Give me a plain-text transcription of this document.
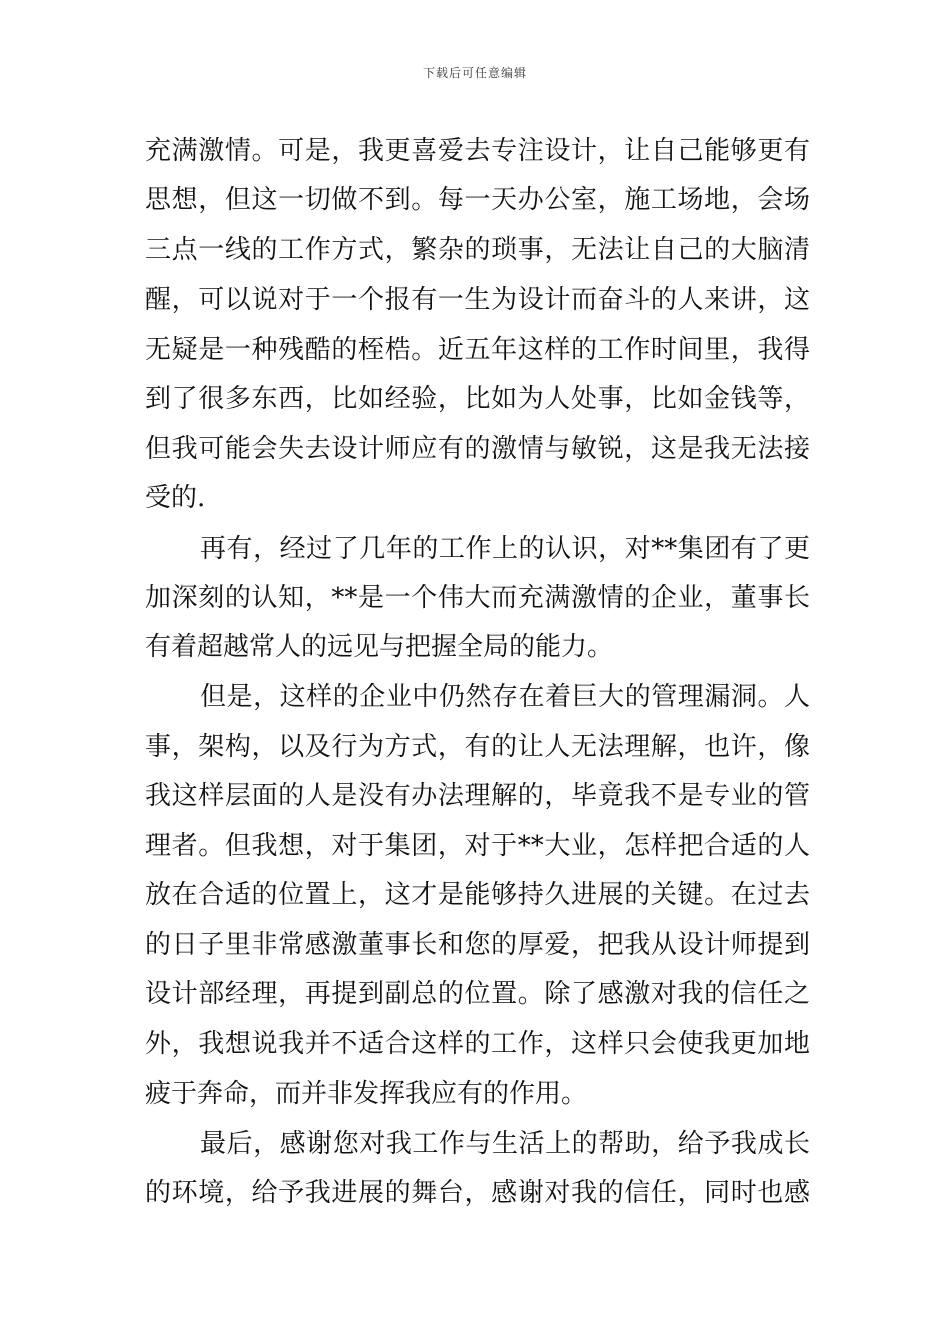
下载后可任意编辑
充满激情。可是，我更喜爱去专注设计，让自己能够更有
思想，但这一切做不到。每一天办公室，施工场地，会场
三点一线的工作方式，繁杂的琐事，无法让自己的大脑清
醒，可以说对于一个报有一生为设计而奋斗的人来讲，这
无疑是一种残酷的桎梏。近五年这样的工作时间里，我得
到了很多东西，比如经验，比如为人处事，比如金钱等，
但我可能会失去设计师应有的激情与敏锐，这是我无法接
受的.
再有，经过了几年的工作上的认识，对**集团有了更
加深刻的认知，**是一个伟大而充满激情的企业，董事长
有着超越常人的远见与把握全局的能力。
但是，这样的企业中仍然存在着巨大的管理漏洞。人
事，架构，以及行为方式，有的让人无法理解，也许，像
我这样层面的人是没有办法理解的，毕竟我不是专业的管
理者。但我想，对于集团，对于**大业，怎样把合适的人
放在合适的位置上，这才是能够持久进展的关键。在过去
的日子里非常感激董事长和您的厚爱，把我从设计师提到
设计部经理，再提到副总的位置。除了感激对我的信任之
外，我想说我并不适合这样的工作，这样只会使我更加地
疲于奔命，而并非发挥我应有的作用。
最后，感谢您对我工作与生活上的帮助，给予我成长
的环境，给予我进展的舞台，感谢对我的信任，同时也感
